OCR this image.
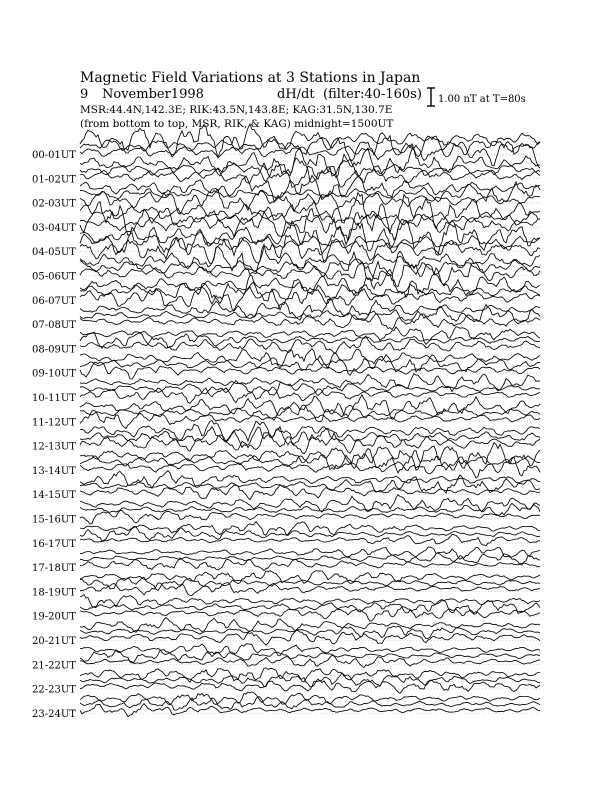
Magnetic Field Variations at 3 Stations in Japan
9 November1998	dH/dt (filter:40-160s)
MSR:44.4N,142.3E; RIK:43.5N,143.8E; KAG:31.5N,130.7E
(from bottom to top, MSR, RIK, & KAG) midnight=1500UT
1.00 nT at T=80s
00-01UT
01-02UT
02-03UT
03-04UT
04-05UT
05-06UT
06-07UT
07-08UT
08-09UT
09-10UT
10-11UT
11-12UT
12-13UT
13-14UT
14-15UT
15-16UT
16-17UT
17-18UT
18-19UT
19-20UT
20-21UT
21-22UT
22-23UT
23-24UT
